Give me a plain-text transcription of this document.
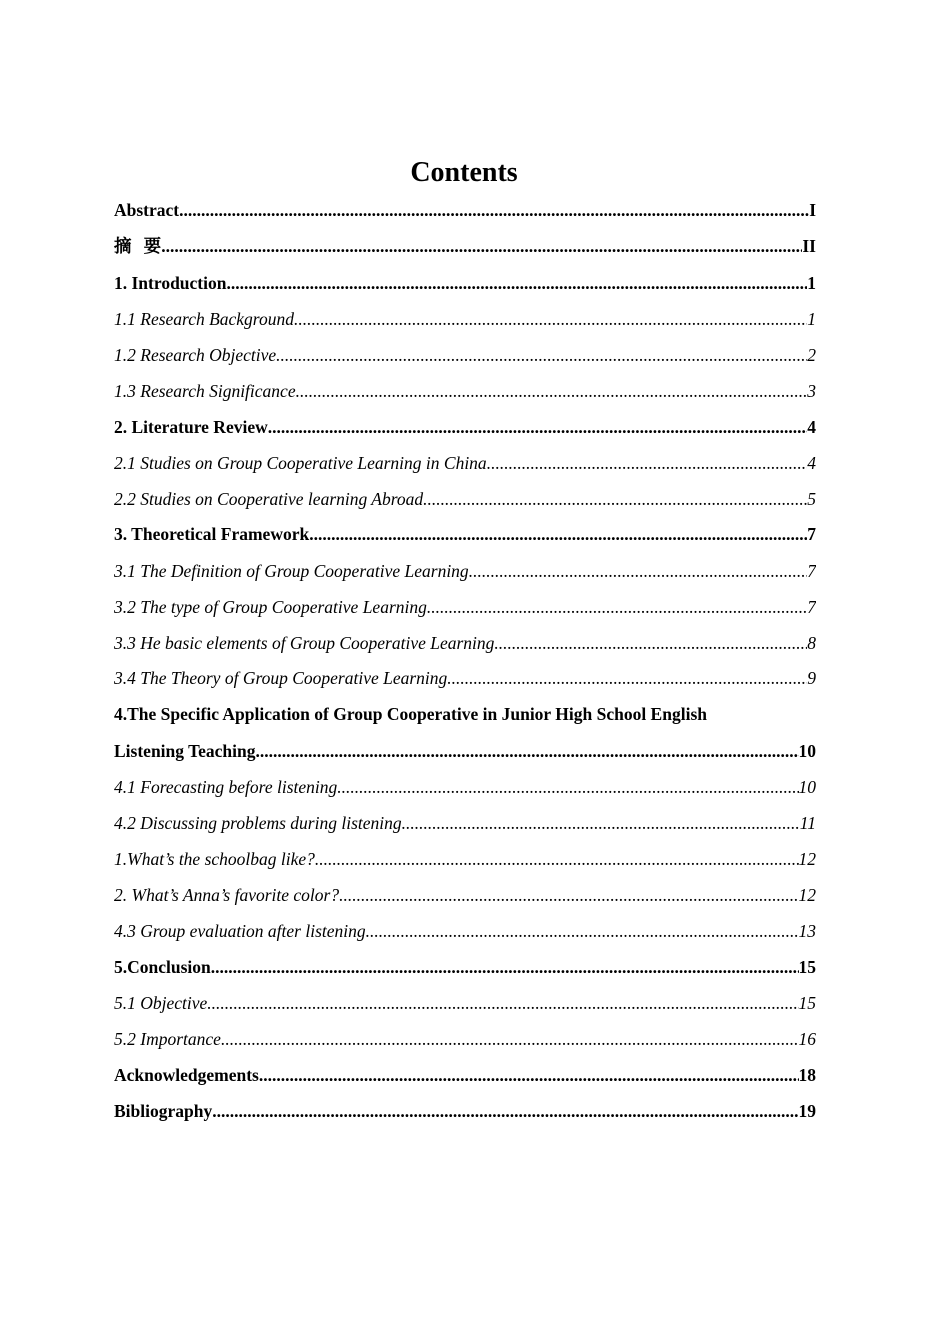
Contents
Abstract .....	I
摘  要 .....	II
1. Introduction .....	1
1.1 Research Background .....	1
1.2 Research Objective .....	2
1.3 Research Significance .....	3
2. Literature Review .....	4
2.1 Studies on Group Cooperative Learning in China .....	4
2.2 Studies on Cooperative learning Abroad .....	5
3. Theoretical Framework .....	7
3.1 The Definition of Group Cooperative Learning .....	7
3.2 The type of Group Cooperative Learning .....	7
3.3 He basic elements of Group Cooperative Learning .....	8
3.4 The Theory of Group Cooperative Learning .....	9
4.The Specific Application of Group Cooperative in Junior High School English
Listening Teaching .....	10
4.1 Forecasting before listening .....	10
4.2 Discussing problems during listening .....	11
1.What’s the schoolbag like? .....	12
2. What’s Anna’s favorite color? .....	12
4.3 Group evaluation after listening .....	13
5.Conclusion .....	15
5.1 Objective .....	15
5.2 Importance .....	16
Acknowledgements .....	18
Bibliography .....	19
